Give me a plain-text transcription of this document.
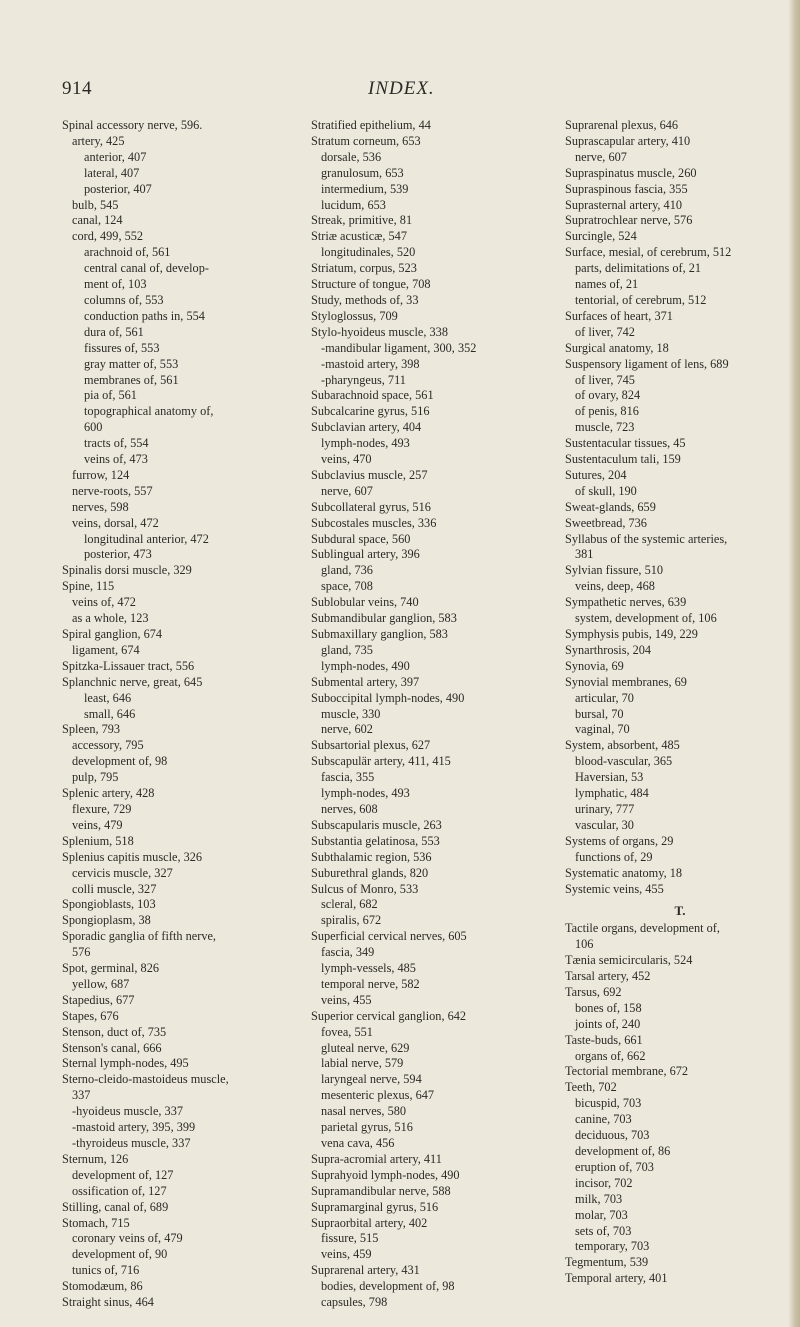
914	INDEX.
Spinal accessory nerve, 596.
artery, 425
anterior, 407
lateral, 407
posterior, 407
bulb, 545
canal, 124
cord, 499, 552
arachnoid of, 561
central canal of, develop-
ment of, 103
columns of, 553
conduction paths in, 554
dura of, 561
fissures of, 553
gray matter of, 553
membranes of, 561
pia of, 561
topographical anatomy of,
600
tracts of, 554
veins of, 473
furrow, 124
nerve-roots, 557
nerves, 598
veins, dorsal, 472
longitudinal anterior, 472
posterior, 473
Spinalis dorsi muscle, 329
Spine, 115
veins of, 472
as a whole, 123
Spiral ganglion, 674
ligament, 674
Spitzka-Lissauer tract, 556
Splanchnic nerve, great, 645
least, 646
small, 646
Spleen, 793
accessory, 795
development of, 98
pulp, 795
Splenic artery, 428
flexure, 729
veins, 479
Splenium, 518
Splenius capitis muscle, 326
cervicis muscle, 327
colli muscle, 327
Spongioblasts, 103
Spongioplasm, 38
Sporadic ganglia of fifth nerve,
576
Spot, germinal, 826
yellow, 687
Stapedius, 677
Stapes, 676
Stenson, duct of, 735
Stenson's canal, 666
Sternal lymph-nodes, 495
Sterno-cleido-mastoideus muscle,
337
-hyoideus muscle, 337
-mastoid artery, 395, 399
-thyroideus muscle, 337
Sternum, 126
development of, 127
ossification of, 127
Stilling, canal of, 689
Stomach, 715
coronary veins of, 479
development of, 90
tunics of, 716
Stomodæum, 86
Straight sinus, 464
Stratified epithelium, 44
Stratum corneum, 653
dorsale, 536
granulosum, 653
intermedium, 539
lucidum, 653
Streak, primitive, 81
Striæ acusticæ, 547
longitudinales, 520
Striatum, corpus, 523
Structure of tongue, 708
Study, methods of, 33
Styloglossus, 709
Stylo-hyoideus muscle, 338
-mandibular ligament, 300, 352
-mastoid artery, 398
-pharyngeus, 711
Subarachnoid space, 561
Subcalcarine gyrus, 516
Subclavian artery, 404
lymph-nodes, 493
veins, 470
Subclavius muscle, 257
nerve, 607
Subcollateral gyrus, 516
Subcostales muscles, 336
Subdural space, 560
Sublingual artery, 396
gland, 736
space, 708
Sublobular veins, 740
Submandibular ganglion, 583
Submaxillary ganglion, 583
gland, 735
lymph-nodes, 490
Submental artery, 397
Suboccipital lymph-nodes, 490
muscle, 330
nerve, 602
Subsartorial plexus, 627
Subscapulär artery, 411, 415
fascia, 355
lymph-nodes, 493
nerves, 608
Subscapularis muscle, 263
Substantia gelatinosa, 553
Subthalamic region, 536
Suburethral glands, 820
Sulcus of Monro, 533
scleral, 682
spiralis, 672
Superficial cervical nerves, 605
fascia, 349
lymph-vessels, 485
temporal nerve, 582
veins, 455
Superior cervical ganglion, 642
fovea, 551
gluteal nerve, 629
labial nerve, 579
laryngeal nerve, 594
mesenteric plexus, 647
nasal nerves, 580
parietal gyrus, 516
vena cava, 456
Supra-acromial artery, 411
Suprahyoid lymph-nodes, 490
Supramandibular nerve, 588
Supramarginal gyrus, 516
Supraorbital artery, 402
fissure, 515
veins, 459
Suprarenal artery, 431
bodies, development of, 98
capsules, 798
Suprarenal plexus, 646
Suprascapular artery, 410
nerve, 607
Supraspinatus muscle, 260
Supraspinous fascia, 355
Suprasternal artery, 410
Supratrochlear nerve, 576
Surcingle, 524
Surface, mesial, of cerebrum, 512
parts, delimitations of, 21
names of, 21
tentorial, of cerebrum, 512
Surfaces of heart, 371
of liver, 742
Surgical anatomy, 18
Suspensory ligament of lens, 689
of liver, 745
of ovary, 824
of penis, 816
muscle, 723
Sustentacular tissues, 45
Sustentaculum tali, 159
Sutures, 204
of skull, 190
Sweat-glands, 659
Sweetbread, 736
Syllabus of the systemic arteries,
381
Sylvian fissure, 510
veins, deep, 468
Sympathetic nerves, 639
system, development of, 106
Symphysis pubis, 149, 229
Synarthrosis, 204
Synovia, 69
Synovial membranes, 69
articular, 70
bursal, 70
vaginal, 70
System, absorbent, 485
blood-vascular, 365
Haversian, 53
lymphatic, 484
urinary, 777
vascular, 30
Systems of organs, 29
functions of, 29
Systematic anatomy, 18
Systemic veins, 455
T.
Tactile organs, development of,
106
Tænia semicircularis, 524
Tarsal artery, 452
Tarsus, 692
bones of, 158
joints of, 240
Taste-buds, 661
organs of, 662
Tectorial membrane, 672
Teeth, 702
bicuspid, 703
canine, 703
deciduous, 703
development of, 86
eruption of, 703
incisor, 702
milk, 703
molar, 703
sets of, 703
temporary, 703
Tegmentum, 539
Temporal artery, 401
